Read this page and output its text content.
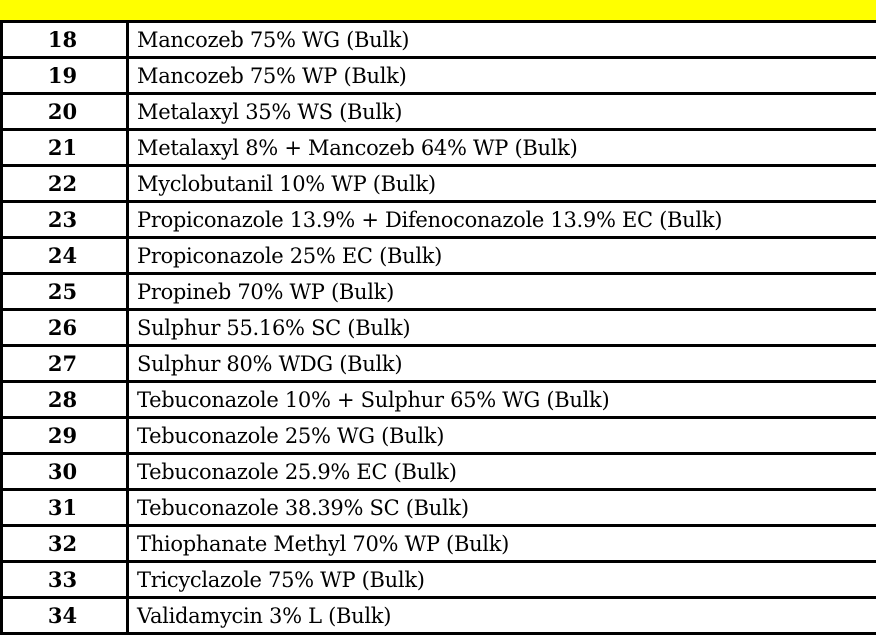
18	Mancozeb 75% WG (Bulk)
19	Mancozeb 75% WP (Bulk)
20	Metalaxyl 35% WS (Bulk)
21	Metalaxyl 8% + Mancozeb 64% WP (Bulk)
22	Myclobutanil 10% WP (Bulk)
23	Propiconazole 13.9% + Difenoconazole 13.9% EC (Bulk)
24	Propiconazole 25% EC (Bulk)
25	Propineb 70% WP (Bulk)
26	Sulphur 55.16% SC (Bulk)
27	Sulphur 80% WDG (Bulk)
28	Tebuconazole 10% + Sulphur 65% WG (Bulk)
29	Tebuconazole 25% WG (Bulk)
30	Tebuconazole 25.9% EC (Bulk)
31	Tebuconazole 38.39% SC (Bulk)
32	Thiophanate Methyl 70% WP (Bulk)
33	Tricyclazole 75% WP (Bulk)
34	Validamycin 3% L (Bulk)
